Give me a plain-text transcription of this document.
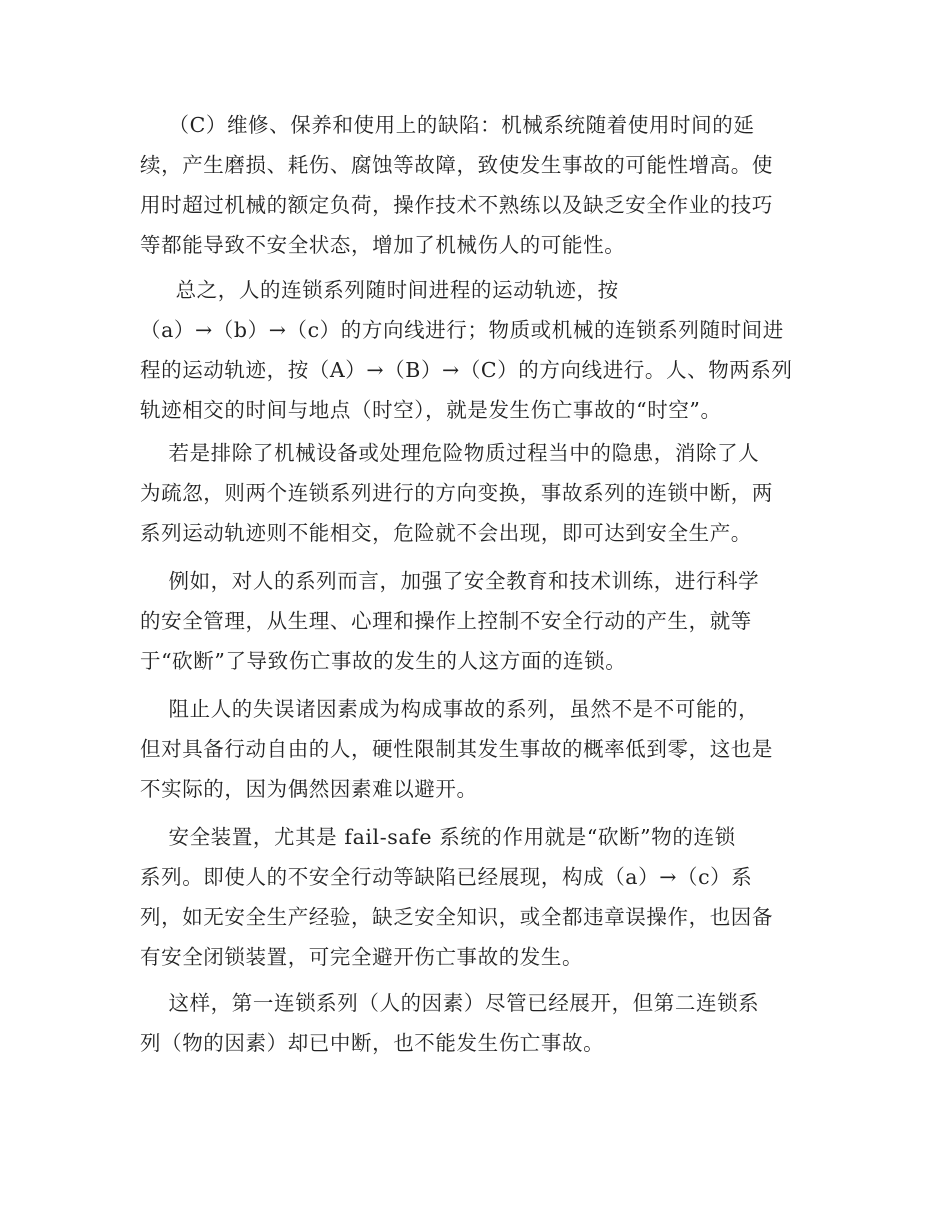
（C）维修、保养和使用上的缺陷：机械系统随着使用时间的延
续，产生磨损、耗伤、腐蚀等故障，致使发生事故的可能性增高。使
用时超过机械的额定负荷，操作技术不熟练以及缺乏安全作业的技巧
等都能导致不安全状态，增加了机械伤人的可能性。
总之，人的连锁系列随时间进程的运动轨迹，按
（a）→（b）→（c）的方向线进行；物质或机械的连锁系列随时间进
程的运动轨迹，按（A）→（B）→（C）的方向线进行。人、物两系列
轨迹相交的时间与地点（时空），就是发生伤亡事故的“时空”。
若是排除了机械设备或处理危险物质过程当中的隐患，消除了人
为疏忽，则两个连锁系列进行的方向变换，事故系列的连锁中断，两
系列运动轨迹则不能相交，危险就不会出现，即可达到安全生产。
例如，对人的系列而言，加强了安全教育和技术训练，进行科学
的安全管理，从生理、心理和操作上控制不安全行动的产生，就等
于“砍断”了导致伤亡事故的发生的人这方面的连锁。
阻止人的失误诸因素成为构成事故的系列，虽然不是不可能的，
但对具备行动自由的人，硬性限制其发生事故的概率低到零，这也是
不实际的，因为偶然因素难以避开。
安全装置，尤其是 fail-safe 系统的作用就是“砍断”物的连锁
系列。即使人的不安全行动等缺陷已经展现，构成（a）→（c）系
列，如无安全生产经验，缺乏安全知识，或全都违章误操作，也因备
有安全闭锁装置，可完全避开伤亡事故的发生。
这样，第一连锁系列（人的因素）尽管已经展开，但第二连锁系
列（物的因素）却已中断，也不能发生伤亡事故。
